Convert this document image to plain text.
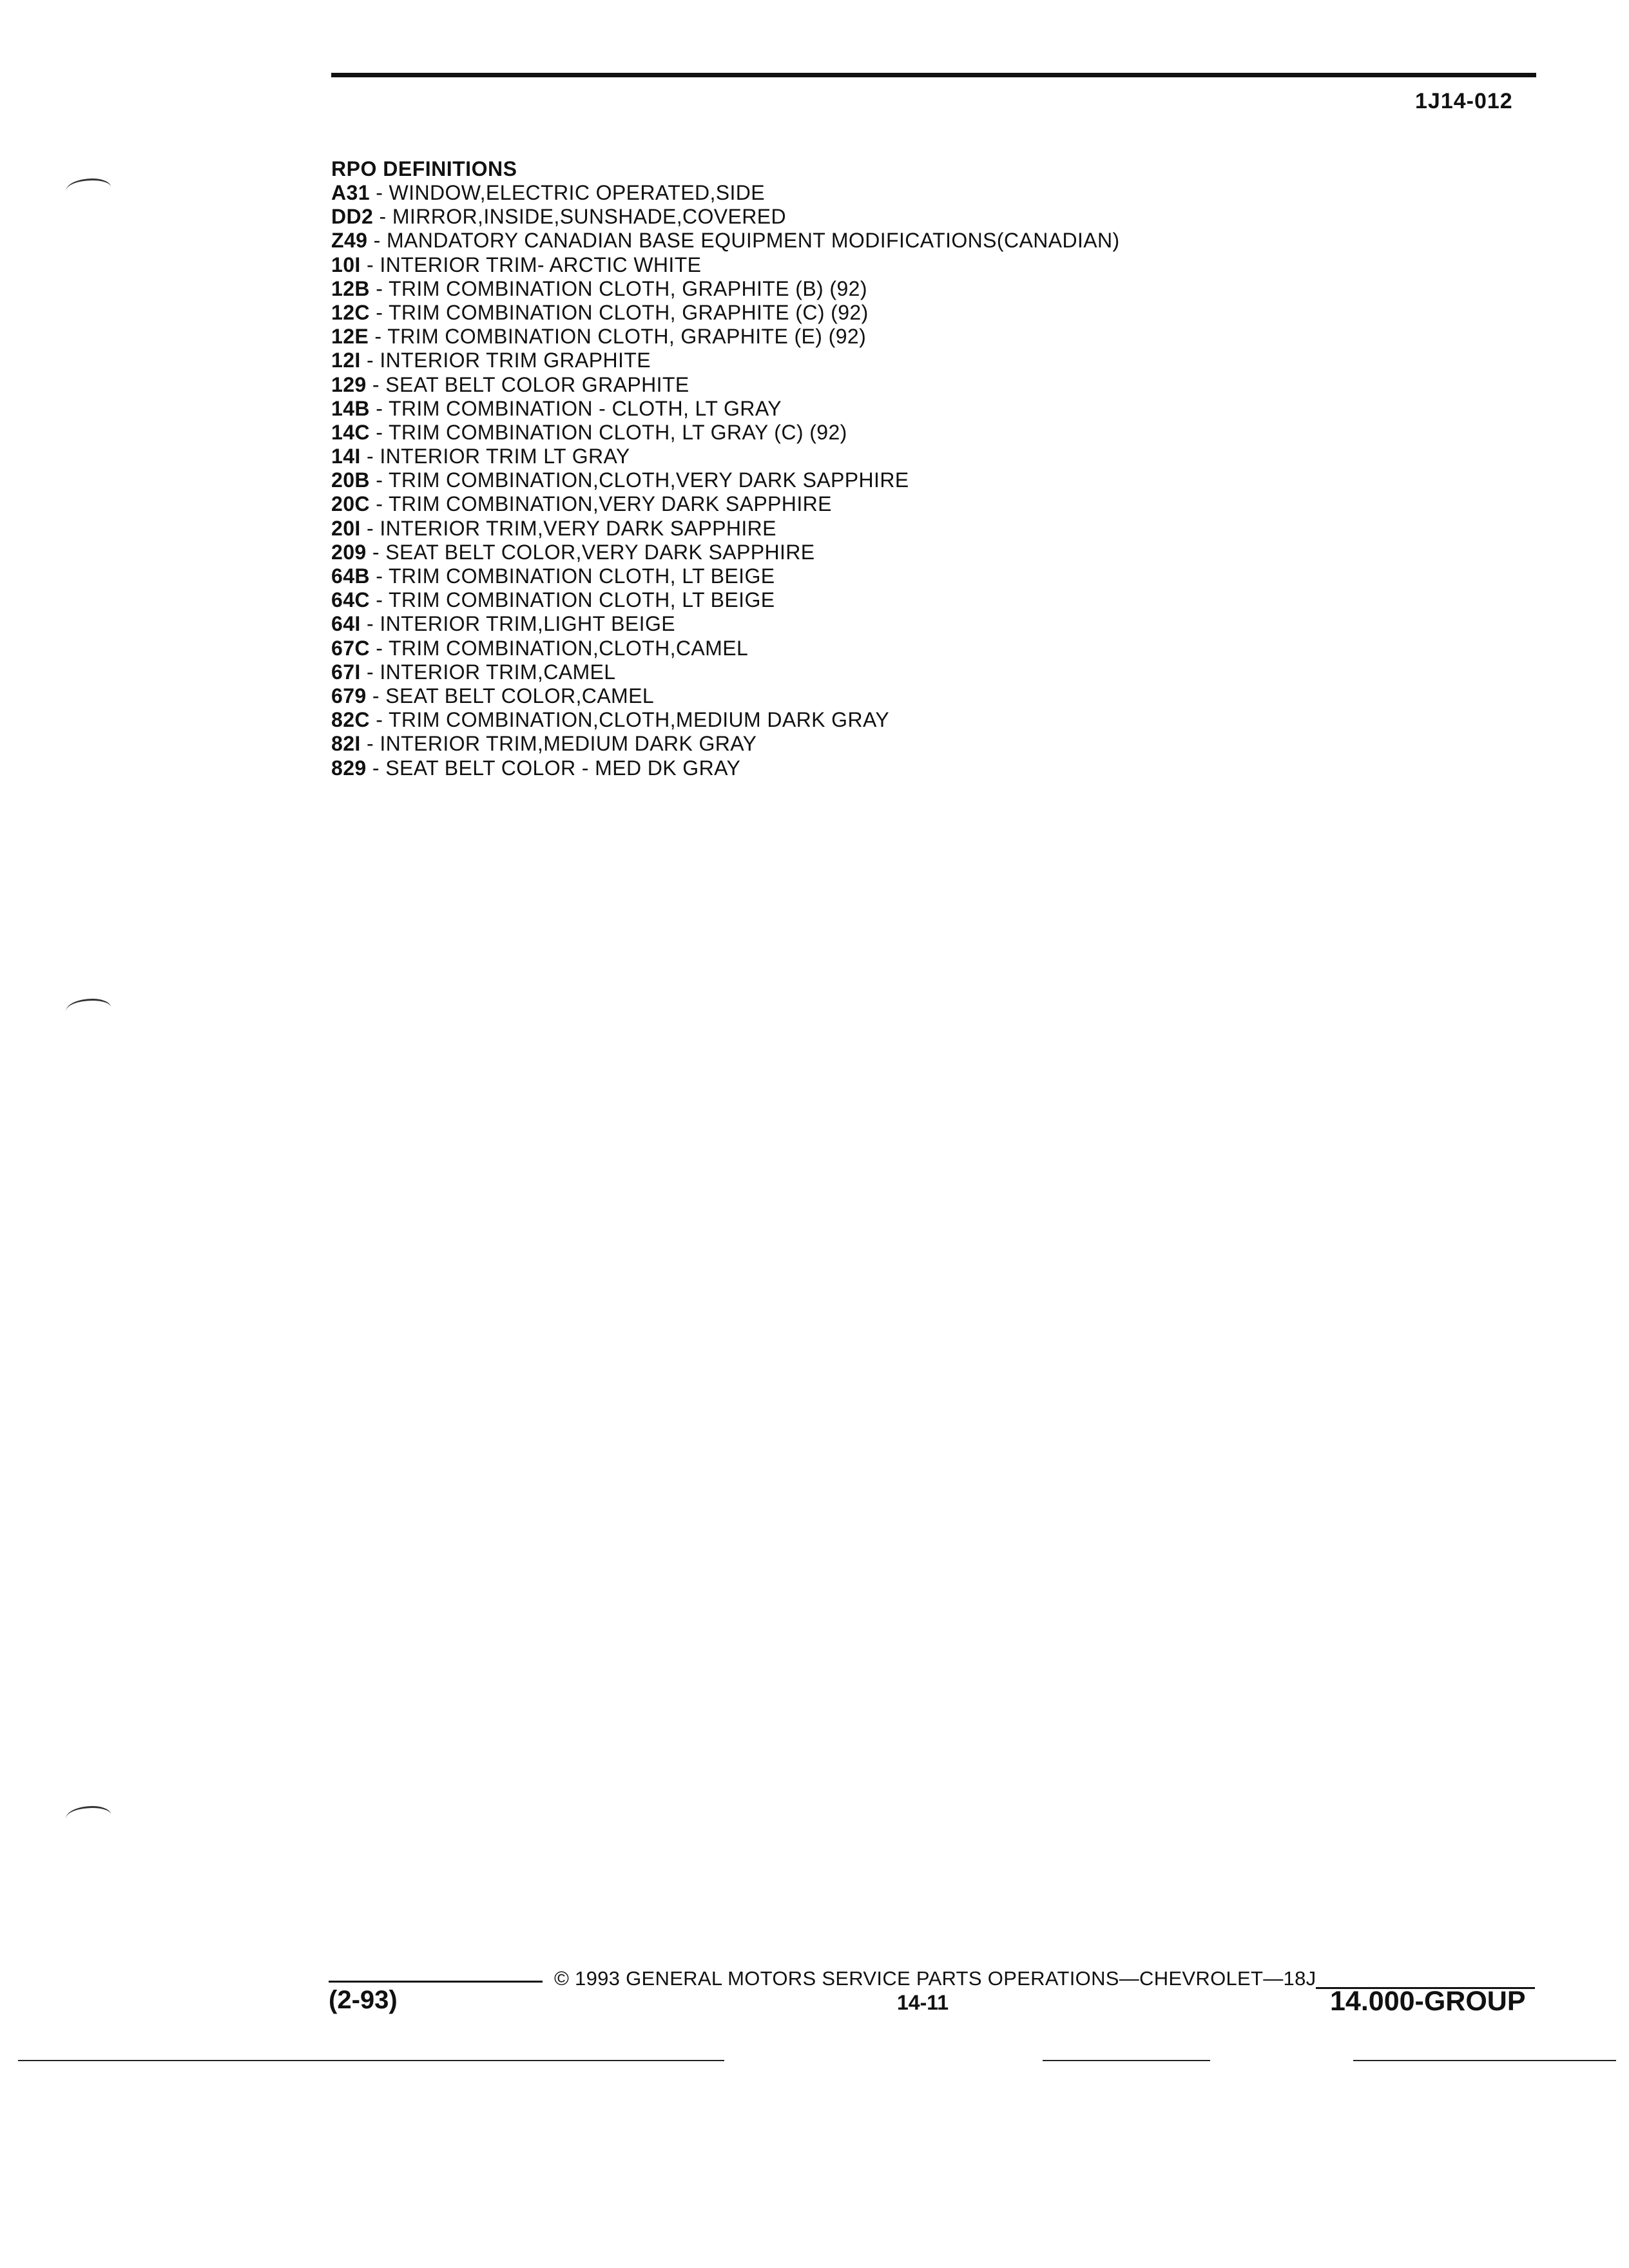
1J14-012
RPO DEFINITIONS
A31 - WINDOW,ELECTRIC OPERATED,SIDE
DD2 - MIRROR,INSIDE,SUNSHADE,COVERED
Z49 - MANDATORY CANADIAN BASE EQUIPMENT MODIFICATIONS(CANADIAN)
10I - INTERIOR TRIM- ARCTIC WHITE
12B - TRIM COMBINATION CLOTH, GRAPHITE (B) (92)
12C - TRIM COMBINATION CLOTH, GRAPHITE (C) (92)
12E - TRIM COMBINATION CLOTH, GRAPHITE (E) (92)
12I - INTERIOR TRIM GRAPHITE
129 - SEAT BELT COLOR GRAPHITE
14B - TRIM COMBINATION - CLOTH, LT GRAY
14C - TRIM COMBINATION CLOTH, LT GRAY (C) (92)
14I - INTERIOR TRIM LT GRAY
20B - TRIM COMBINATION,CLOTH,VERY DARK SAPPHIRE
20C - TRIM COMBINATION,VERY DARK SAPPHIRE
20I - INTERIOR TRIM,VERY DARK SAPPHIRE
209 - SEAT BELT COLOR,VERY DARK SAPPHIRE
64B - TRIM COMBINATION CLOTH, LT BEIGE
64C - TRIM COMBINATION CLOTH, LT BEIGE
64I - INTERIOR TRIM,LIGHT BEIGE
67C - TRIM COMBINATION,CLOTH,CAMEL
67I - INTERIOR TRIM,CAMEL
679 - SEAT BELT COLOR,CAMEL
82C - TRIM COMBINATION,CLOTH,MEDIUM DARK GRAY
82I - INTERIOR TRIM,MEDIUM DARK GRAY
829 - SEAT BELT COLOR - MED DK GRAY
© 1993 GENERAL MOTORS SERVICE PARTS OPERATIONS—CHEVROLET—18J
(2-93)	14-11	14.000-GROUP
